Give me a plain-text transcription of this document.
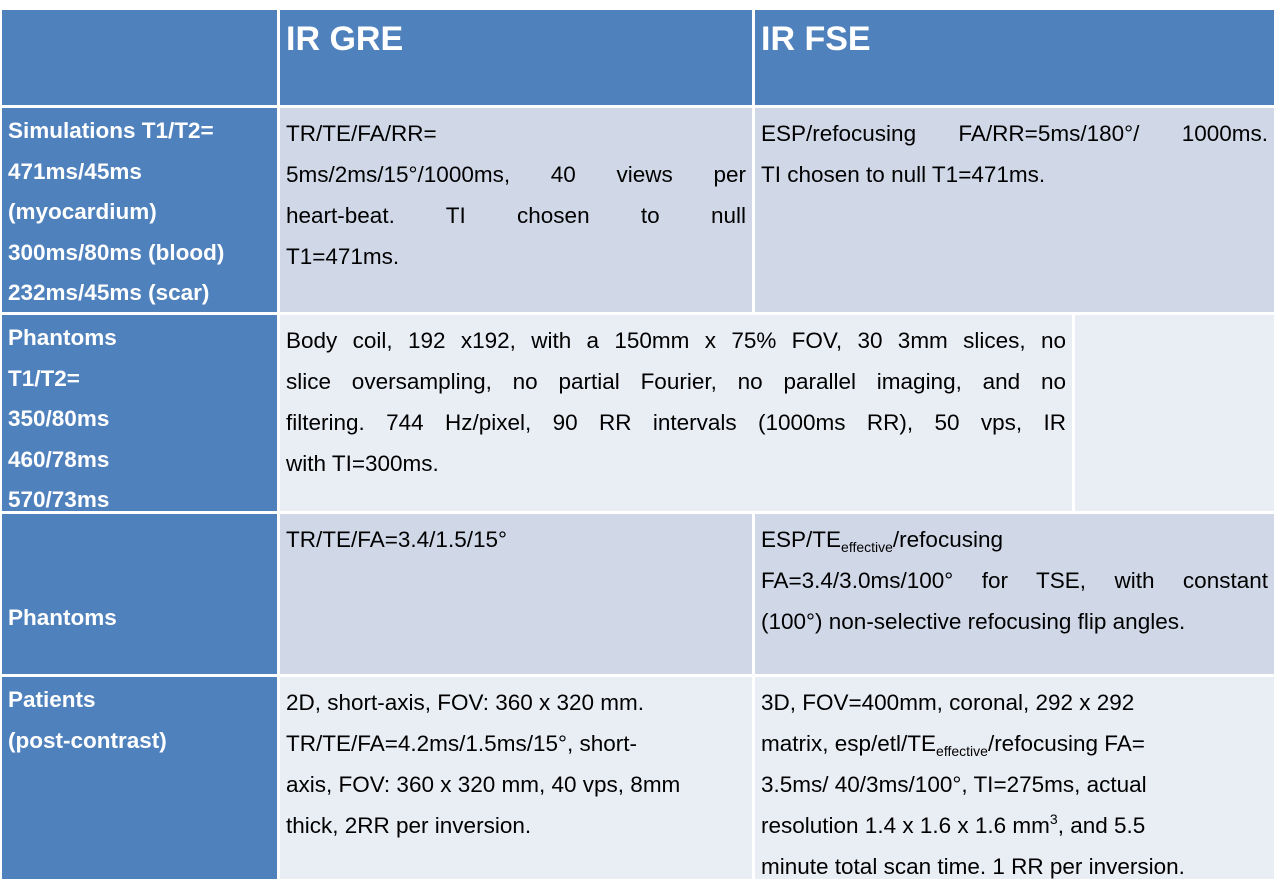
IR GRE	IR FSE
Simulations T1/T2=
471ms/45ms
(myocardium)
300ms/80ms (blood)
232ms/45ms (scar)
TR/TE/FA/RR=
5ms/2ms/15°/1000ms, 40 views per
heart-beat. TI chosen to null
T1=471ms.
ESP/refocusing FA/RR=5ms/180°/ 1000ms.
TI chosen to null T1=471ms.
Phantoms
T1/T2=
350/80ms
460/78ms
570/73ms
Body coil, 192 x192, with a 150mm x 75% FOV, 30 3mm slices, no
slice oversampling, no partial Fourier, no parallel imaging, and no
filtering. 744 Hz/pixel, 90 RR intervals (1000ms RR), 50 vps, IR
with TI=300ms.

Phantoms

TR/TE/FA=3.4/1.5/15°	ESP/$TE_{effective}$/refocusing
FA=3.4/3.0ms/100° for TSE, with constant
(100°) non-selective refocusing flip angles.
Patients
(post-contrast)
2D, short-axis, FOV: 360 x 320 mm.
TR/TE/FA=4.2ms/1.5ms/15°, short-
axis, FOV: 360 x 320 mm, 40 vps, 8mm
thick, 2RR per inversion.
3D, FOV=400mm, coronal, 292 x 292
matrix, esp/$etl/TE_{effective}$/refocusing FA=
3.5ms/ 40/3ms/100°, TI=275ms, actual
resolution 1.4 x 1.6 x 1.6 $mm^3$, and 5.5
minute total scan time. 1 RR per inversion.
